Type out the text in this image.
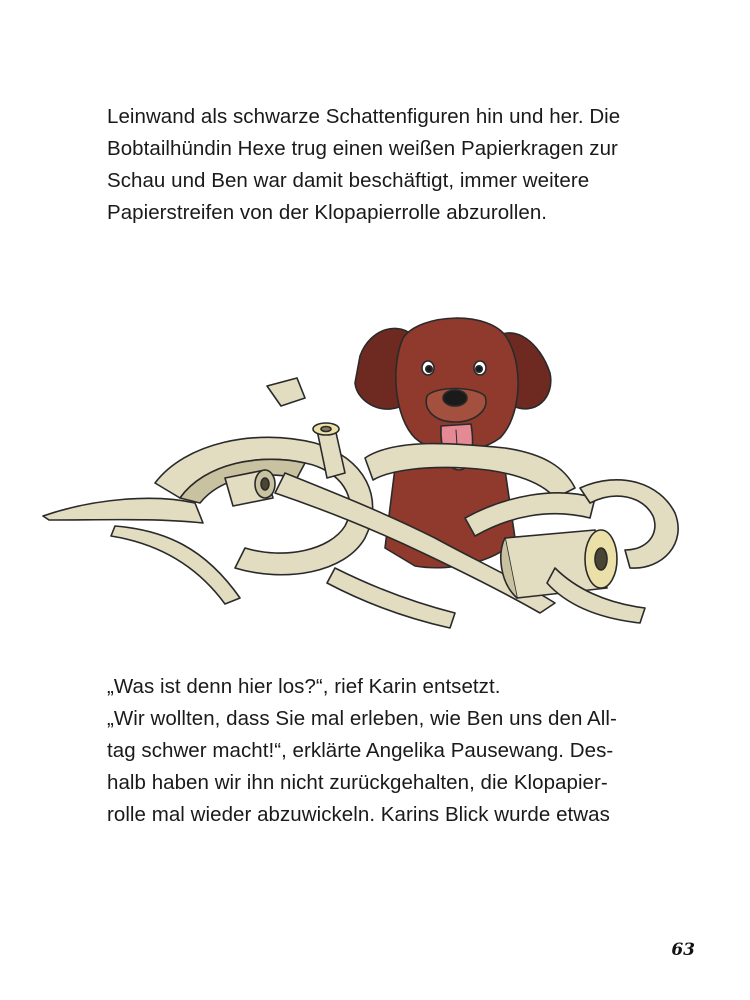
Leinwand als schwarze Schattenfiguren hin und her. Die
Bobtailhündin Hexe trug einen weißen Papierkragen zur
Schau und Ben war damit beschäftigt, immer weitere
Papierstreifen von der Klopapierrolle abzurollen.
„Was ist denn hier los?“, rief Karin entsetzt.
„Wir wollten, dass Sie mal erleben, wie Ben uns den All-
tag schwer macht!“, erklärte Angelika Pausewang. Des-
halb haben wir ihn nicht zurückgehalten, die Klopapier-
rolle mal wieder abzuwickeln. Karins Blick wurde etwas
63
